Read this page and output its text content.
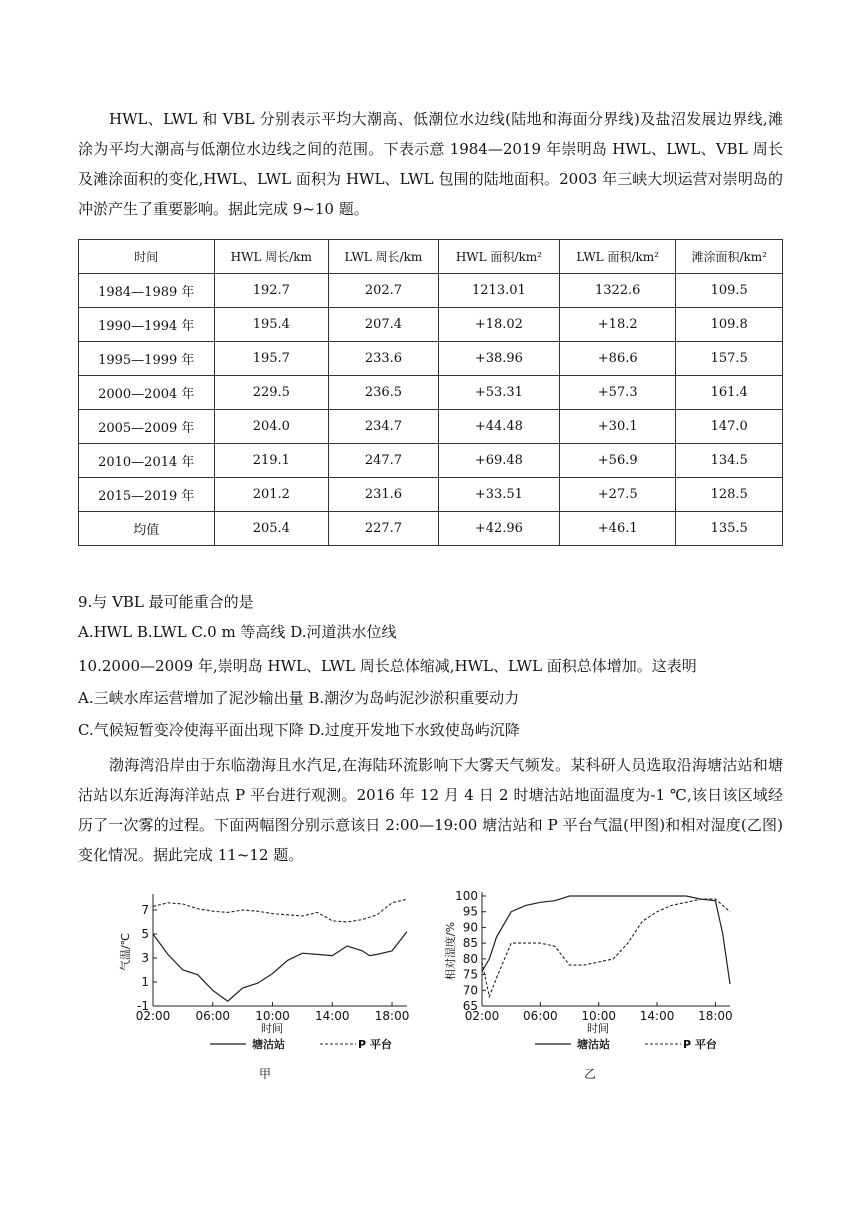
HWL、LWL 和 VBL 分别表示平均大潮高、低潮位水边线(陆地和海面分界线)及盐沼发展边界线,滩涂为平均大潮高与低潮位水边线之间的范围。下表示意 1984—2019 年崇明岛 HWL、LWL、VBL 周长及滩涂面积的变化,HWL、LWL 面积为 HWL、LWL 包围的陆地面积。2003 年三峡大坝运营对崇明岛的冲淤产生了重要影响。据此完成 9~10 题。

时间	HWL 周长/km	LWL 周长/km	HWL 面积/km²	LWL 面积/km²	滩涂面积/km²
1984—1989 年	192.7	202.7	1213.01	1322.6	109.5
1990—1994 年	195.4	207.4	+18.02	+18.2	109.8
1995—1999 年	195.7	233.6	+38.96	+86.6	157.5
2000—2004 年	229.5	236.5	+53.31	+57.3	161.4
2005—2009 年	204.0	234.7	+44.48	+30.1	147.0
2010—2014 年	219.1	247.7	+69.48	+56.9	134.5
2015—2019 年	201.2	231.6	+33.51	+27.5	128.5
均值	205.4	227.7	+42.96	+46.1	135.5

9.与 VBL 最可能重合的是

A.HWL B.LWL C.0 m 等高线 D.河道洪水位线

10.2000—2009 年,崇明岛 HWL、LWL 周长总体缩减,HWL、LWL 面积总体增加。这表明

A.三峡水库运营增加了泥沙输出量 B.潮汐为岛屿泥沙淤积重要动力

C.气候短暂变冷使海平面出现下降 D.过度开发地下水致使岛屿沉降

渤海湾沿岸由于东临渤海且水汽足,在海陆环流影响下大雾天气频发。某科研人员选取沿海塘沽站和塘沽站以东近海海洋站点 P 平台进行观测。2016 年 12 月 4 日 2 时塘沽站地面温度为-1 ℃,该日该区域经历了一次雾的过程。下面两幅图分别示意该日 2:00—19:00 塘沽站和 P 平台气温(甲图)和相对湿度(乙图)变化情况。据此完成 11~12 题。

-1
1
3
5
7
02:00 06:00 10:00 14:00 18:00
时间
气温/℃
塘沽站	P 平台
甲
65
70
75
80
85
90
95
100
02:00 06:00 10:00 14:00 18:00
时间
相对湿度/%
塘沽站	P 平台
乙
